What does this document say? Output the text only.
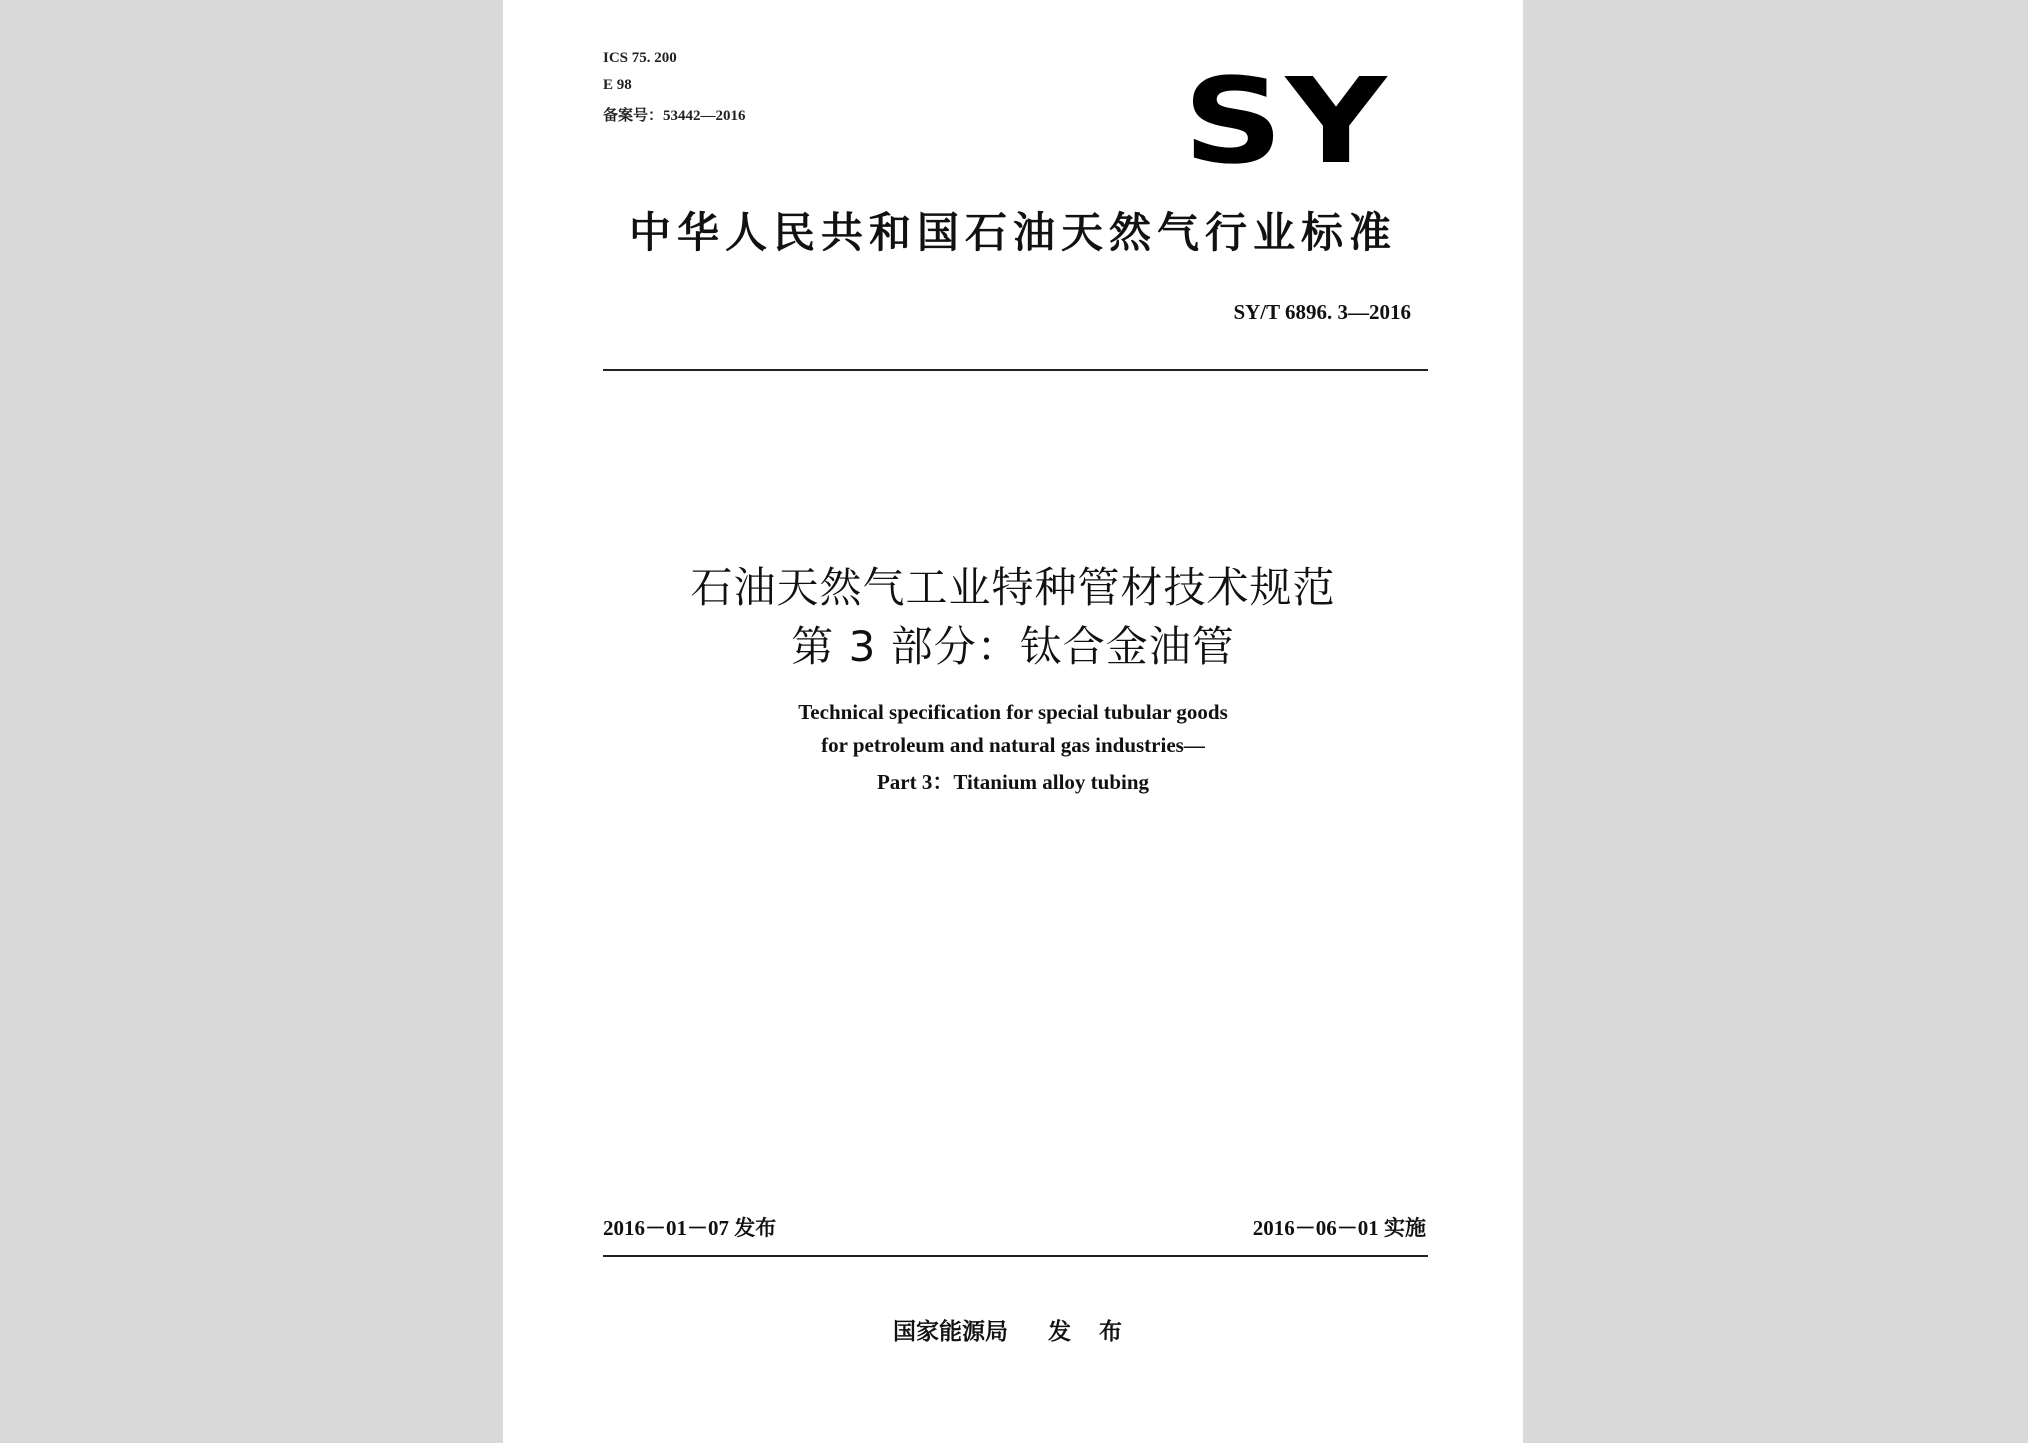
ICS 75. 200
E 98
备案号：53442—2016	SY
中华人民共和国石油天然气行业标准
SY/T 6896. 3—2016
石油天然气工业特种管材技术规范
第 3 部分：钛合金油管
Technical specification for special tubular goods
for petroleum and natural gas industries—
Part 3：Titanium alloy tubing
2016－01－07 发布	2016－06－01 实施
国家能源局 发 布
